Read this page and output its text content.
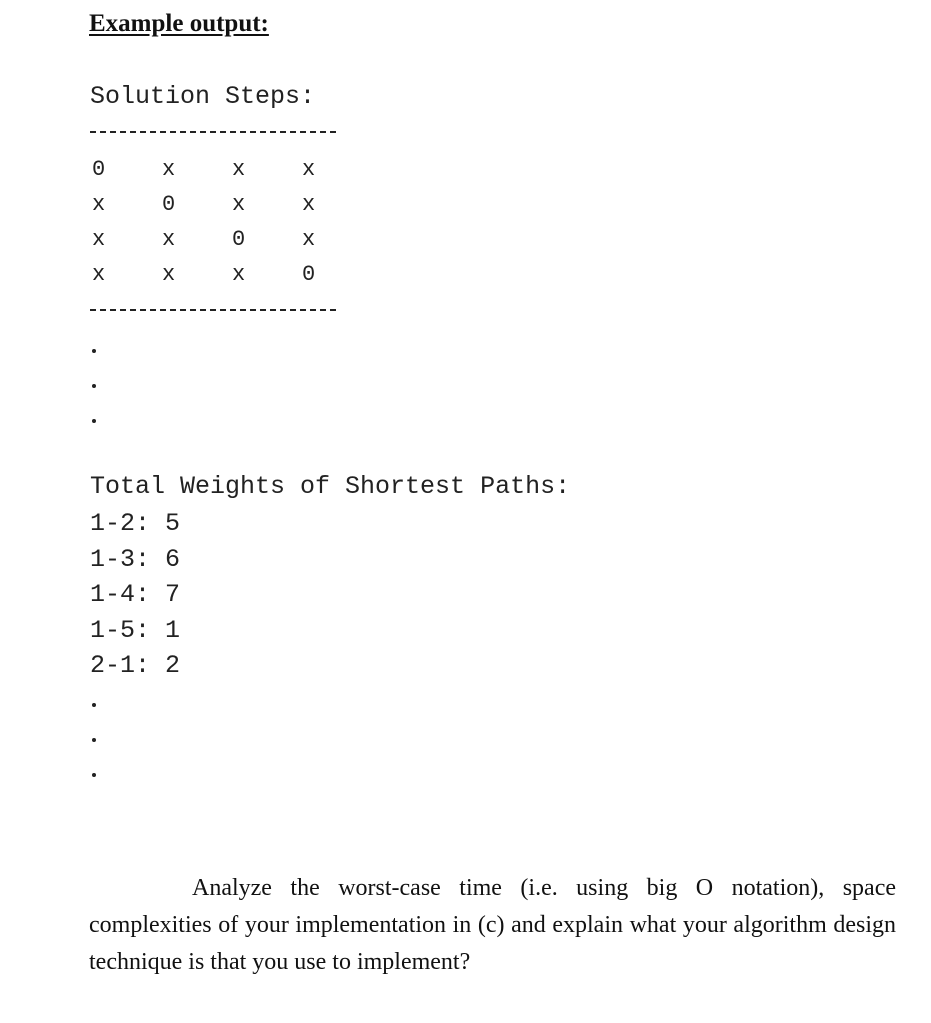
Example output:
Solution Steps:
0	x	x	x
x	0	x	x
x	x	0	x
x	x	x	0
Total Weights of Shortest Paths:
1-2: 5
1-3: 6
1-4: 7
1-5: 1
2-1: 2
Analyze the worst-case time (i.e. using big O notation), space complexities of your implementation in (c) and explain what your algorithm design technique is that you use to implement?
